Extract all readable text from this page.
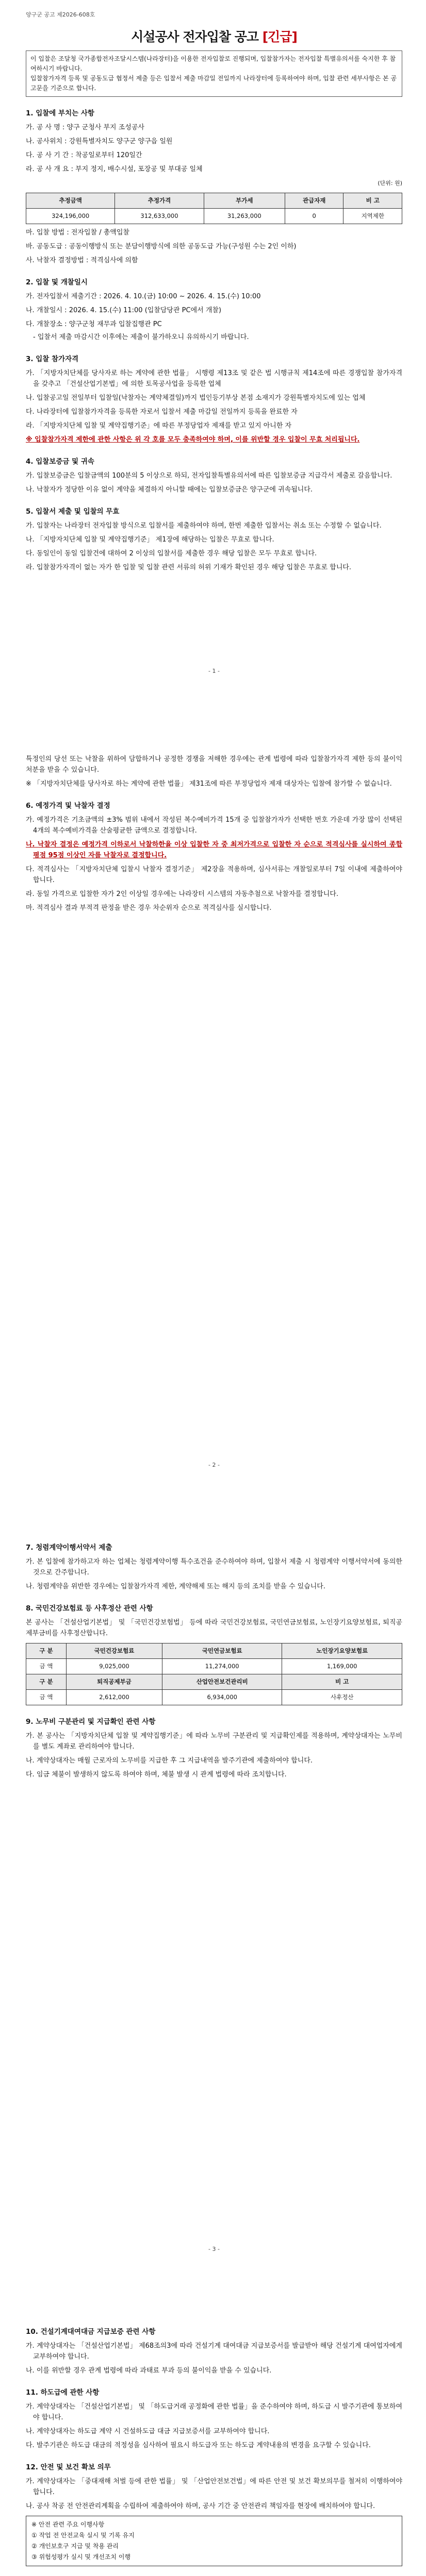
양구군 공고 제2026-608호
시설공사 전자입찰 공고 [긴급]
이 입찰은 조달청 국가종합전자조달시스템(나라장터)을 이용한 전자입찰로 진행되며, 입찰참가자는 전자입찰 특별유의서를 숙지한 후 참여하시기 바랍니다.
입찰참가자격 등록 및 공동도급 협정서 제출 등은 입찰서 제출 마감일 전일까지 나라장터에 등록하여야 하며, 입찰 관련 세부사항은 본 공고문을 기준으로 합니다.
1. 입찰에 부치는 사항
가. 공 사 명 : 양구 군청사 부지 조성공사
나. 공사위치 : 강원특별자치도 양구군 양구읍 일원
다. 공 사 기 간 : 착공일로부터 120일간
라. 공 사 개 요 : 부지 정지, 배수시설, 포장공 및 부대공 일체
(단위: 원)
추정금액	추정가격	부가세	관급자재	비 고
324,196,000	312,633,000	31,263,000	0	지역제한
마. 입찰 방법 : 전자입찰 / 총액입찰
바. 공동도급 : 공동이행방식 또는 분담이행방식에 의한 공동도급 가능(구성원 수는 2인 이하)
사. 낙찰자 결정방법 : 적격심사에 의함
2. 입찰 및 개찰일시
가. 전자입찰서 제출기간 : 2026. 4. 10.(금) 10:00 ~ 2026. 4. 15.(수) 10:00
나. 개찰일시 : 2026. 4. 15.(수) 11:00 (입찰담당관 PC에서 개찰)
다. 개찰장소 : 양구군청 재무과 입찰집행관 PC
- 입찰서 제출 마감시간 이후에는 제출이 불가하오니 유의하시기 바랍니다.
3. 입찰 참가자격
가. 「지방자치단체를 당사자로 하는 계약에 관한 법률」 시행령 제13조 및 같은 법 시행규칙 제14조에 따른 경쟁입찰 참가자격을 갖추고 「건설산업기본법」에 의한 토목공사업을 등록한 업체
나. 입찰공고일 전일부터 입찰일(낙찰자는 계약체결일)까지 법인등기부상 본점 소재지가 강원특별자치도에 있는 업체
다. 나라장터에 입찰참가자격을 등록한 자로서 입찰서 제출 마감일 전일까지 등록을 완료한 자
라. 「지방자치단체 입찰 및 계약집행기준」에 따른 부정당업자 제재를 받고 있지 아니한 자
※ 입찰참가자격 제한에 관한 사항은 위 각 호를 모두 충족하여야 하며, 이를 위반할 경우 입찰이 무효 처리됩니다.
4. 입찰보증금 및 귀속
가. 입찰보증금은 입찰금액의 100분의 5 이상으로 하되, 전자입찰특별유의서에 따른 입찰보증금 지급각서 제출로 갈음합니다.
나. 낙찰자가 정당한 이유 없이 계약을 체결하지 아니할 때에는 입찰보증금은 양구군에 귀속됩니다.
5. 입찰서 제출 및 입찰의 무효
가. 입찰자는 나라장터 전자입찰 방식으로 입찰서를 제출하여야 하며, 한번 제출한 입찰서는 취소 또는 수정할 수 없습니다.
나. 「지방자치단체 입찰 및 계약집행기준」 제1장에 해당하는 입찰은 무효로 합니다.
다. 동일인이 동일 입찰건에 대하여 2 이상의 입찰서를 제출한 경우 해당 입찰은 모두 무효로 합니다.
라. 입찰참가자격이 없는 자가 한 입찰 및 입찰 관련 서류의 허위 기재가 확인된 경우 해당 입찰은 무효로 합니다.
- 1 -
특정인의 당선 또는 낙찰을 위하여 담합하거나 공정한 경쟁을 저해한 경우에는 관계 법령에 따라 입찰참가자격 제한 등의 불이익 처분을 받을 수 있습니다.
※ 「지방자치단체를 당사자로 하는 계약에 관한 법률」 제31조에 따른 부정당업자 제재 대상자는 입찰에 참가할 수 없습니다.
6. 예정가격 및 낙찰자 결정
가. 예정가격은 기초금액의 ±3% 범위 내에서 작성된 복수예비가격 15개 중 입찰참가자가 선택한 번호 가운데 가장 많이 선택된 4개의 복수예비가격을 산술평균한 금액으로 결정합니다.
나. 낙찰자 결정은 예정가격 이하로서 낙찰하한율 이상 입찰한 자 중 최저가격으로 입찰한 자 순으로 적격심사를 실시하여 종합평점 95점 이상인 자를 낙찰자로 결정합니다.
다. 적격심사는 「지방자치단체 입찰시 낙찰자 결정기준」 제2장을 적용하며, 심사서류는 개찰일로부터 7일 이내에 제출하여야 합니다.
라. 동일 가격으로 입찰한 자가 2인 이상일 경우에는 나라장터 시스템의 자동추첨으로 낙찰자를 결정합니다.
마. 적격심사 결과 부적격 판정을 받은 경우 차순위자 순으로 적격심사를 실시합니다.
- 2 -
7. 청렴계약이행서약서 제출
가. 본 입찰에 참가하고자 하는 업체는 청렴계약이행 특수조건을 준수하여야 하며, 입찰서 제출 시 청렴계약 이행서약서에 동의한 것으로 간주합니다.
나. 청렴계약을 위반한 경우에는 입찰참가자격 제한, 계약해제 또는 해지 등의 조치를 받을 수 있습니다.
8. 국민건강보험료 등 사후정산 관련 사항
본 공사는 「건설산업기본법」 및 「국민건강보험법」 등에 따라 국민건강보험료, 국민연금보험료, 노인장기요양보험료, 퇴직공제부금비를 사후정산합니다.
구 분	국민건강보험료	국민연금보험료	노인장기요양보험료
금 액	9,025,000	11,274,000	1,169,000
구 분	퇴직공제부금	산업안전보건관리비	비 고
금 액	2,612,000	6,934,000	사후정산
9. 노무비 구분관리 및 지급확인 관련 사항
가. 본 공사는 「지방자치단체 입찰 및 계약집행기준」에 따라 노무비 구분관리 및 지급확인제를 적용하며, 계약상대자는 노무비를 별도 계좌로 관리하여야 합니다.
나. 계약상대자는 매월 근로자의 노무비를 지급한 후 그 지급내역을 발주기관에 제출하여야 합니다.
다. 임금 체불이 발생하지 않도록 하여야 하며, 체불 발생 시 관계 법령에 따라 조치합니다.
- 3 -
10. 건설기계대여대금 지급보증 관련 사항
가. 계약상대자는 「건설산업기본법」 제68조의3에 따라 건설기계 대여대금 지급보증서를 발급받아 해당 건설기계 대여업자에게 교부하여야 합니다.
나. 이를 위반할 경우 관계 법령에 따라 과태료 부과 등의 불이익을 받을 수 있습니다.
11. 하도급에 관한 사항
가. 계약상대자는 「건설산업기본법」 및 「하도급거래 공정화에 관한 법률」을 준수하여야 하며, 하도급 시 발주기관에 통보하여야 합니다.
나. 계약상대자는 하도급 계약 시 건설하도급 대금 지급보증서를 교부하여야 합니다.
다. 발주기관은 하도급 대금의 적정성을 심사하여 필요시 하도급자 또는 하도급 계약내용의 변경을 요구할 수 있습니다.
12. 안전 및 보건 확보 의무
가. 계약상대자는 「중대재해 처벌 등에 관한 법률」 및 「산업안전보건법」에 따른 안전 및 보건 확보의무를 철저히 이행하여야 합니다.
나. 공사 착공 전 안전관리계획을 수립하여 제출하여야 하며, 공사 기간 중 안전관리 책임자를 현장에 배치하여야 합니다.
※ 안전 관련 주요 이행사항
① 작업 전 안전교육 실시 및 기록 유지
② 개인보호구 지급 및 착용 관리
③ 위험성평가 실시 및 개선조치 이행
